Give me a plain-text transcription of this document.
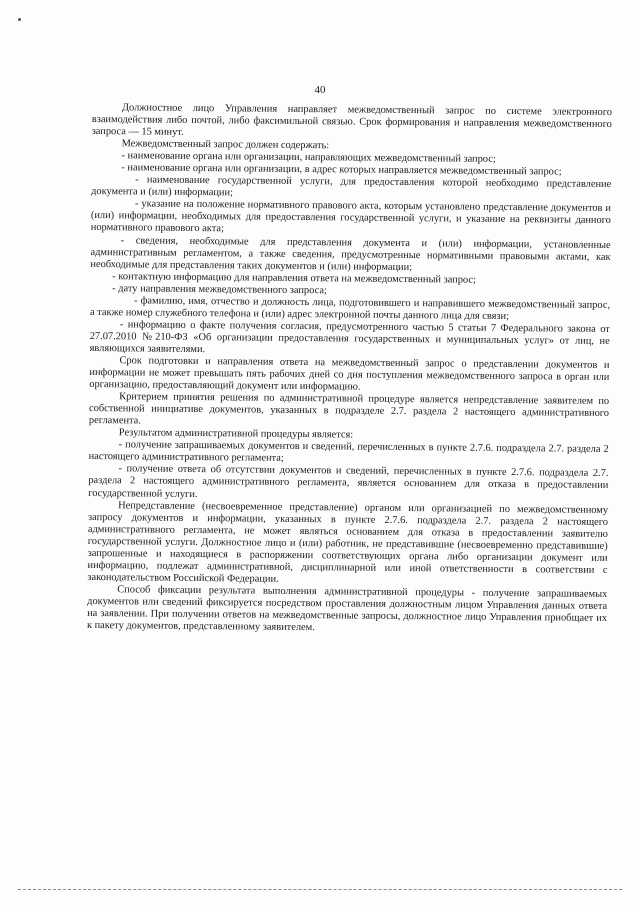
40

Должностное лицо Управления направляет межведомственный запрос по системе электронного взаимодействия либо почтой, либо факсимильной связью. Срок формирования и направления межведомственного запроса — 15 минут.

Межведомственный запрос должен содержать:

- наименование органа или организации, направляющих межведомственный запрос;

- наименование органа или организации, в адрес которых направляется межведомственный запрос;

- наименование государственной услуги, для предоставления которой необходимо представление документа и (или) информации;

- указание на положение нормативного правового акта, которым установлено представление документов и (или) информации, необходимых для предоставления государственной услуги, и указание на реквизиты данного нормативного правового акта;

- сведения, необходимые для представления документа и (или) информации, установленные административным регламентом, а также сведения, предусмотренные нормативными правовыми актами, как необходимые для представления таких документов и (или) информации;

- контактную информацию для направления ответа на межведомственный запрос;

- дату направления межведомственного запроса;

- фамилию, имя, отчество и должность лица, подготовившего и направившего межведомственный запрос, а также номер служебного телефона и (или) адрес электронной почты данного лица для связи;

- информацию о факте получения согласия, предусмотренного частью 5 статьи 7 Федерального закона от 27.07.2010 №210-ФЗ «Об организации предоставления государственных и муниципальных услуг» от лиц, не являющихся заявителями.

Срок подготовки и направления ответа на межведомственный запрос о представлении документов и информации не может превышать пять рабочих дней со дня поступления межведомственного запроса в орган или организацию, предоставляющий документ или информацию.

Критерием принятия решения по административной процедуре является непредставление заявителем по собственной инициативе документов, указанных в подразделе 2.7. раздела 2 настоящего административного регламента.

Результатом административной процедуры является:

- получение запрашиваемых документов и сведений, перечисленных в пункте 2.7.6. подраздела 2.7. раздела 2 настоящего административного регламента;

- получение ответа об отсутствии документов и сведений, перечисленных в пункте 2.7.6. подраздела 2.7. раздела 2 настоящего административного регламента, является основанием для отказа в предоставлении государственной услуги.

Непредставление (несвоевременное представление) органом или организацией по межведомственному запросу документов и информации, указанных в пункте 2.7.6. подраздела 2.7. раздела 2 настоящего административного регламента, не может являться основанием для отказа в предоставлении заявителю государственной услуги. Должностное лицо и (или) работник, не представившие (несвоевременно представившие) запрошенные и находящиеся в распоряжении соответствующих органа либо организации документ или информацию, подлежат административной, дисциплинарной или иной ответственности в соответствии с законодательством Российской Федерации.

Способ фиксации результата выполнения административной процедуры - получение запрашиваемых документов или сведений фиксируется посредством проставления должностным лицом Управления данных ответа на заявлении. При получении ответов на межведомственные запросы, должностное лицо Управления приобщает их к пакету документов, представленному заявителем.
